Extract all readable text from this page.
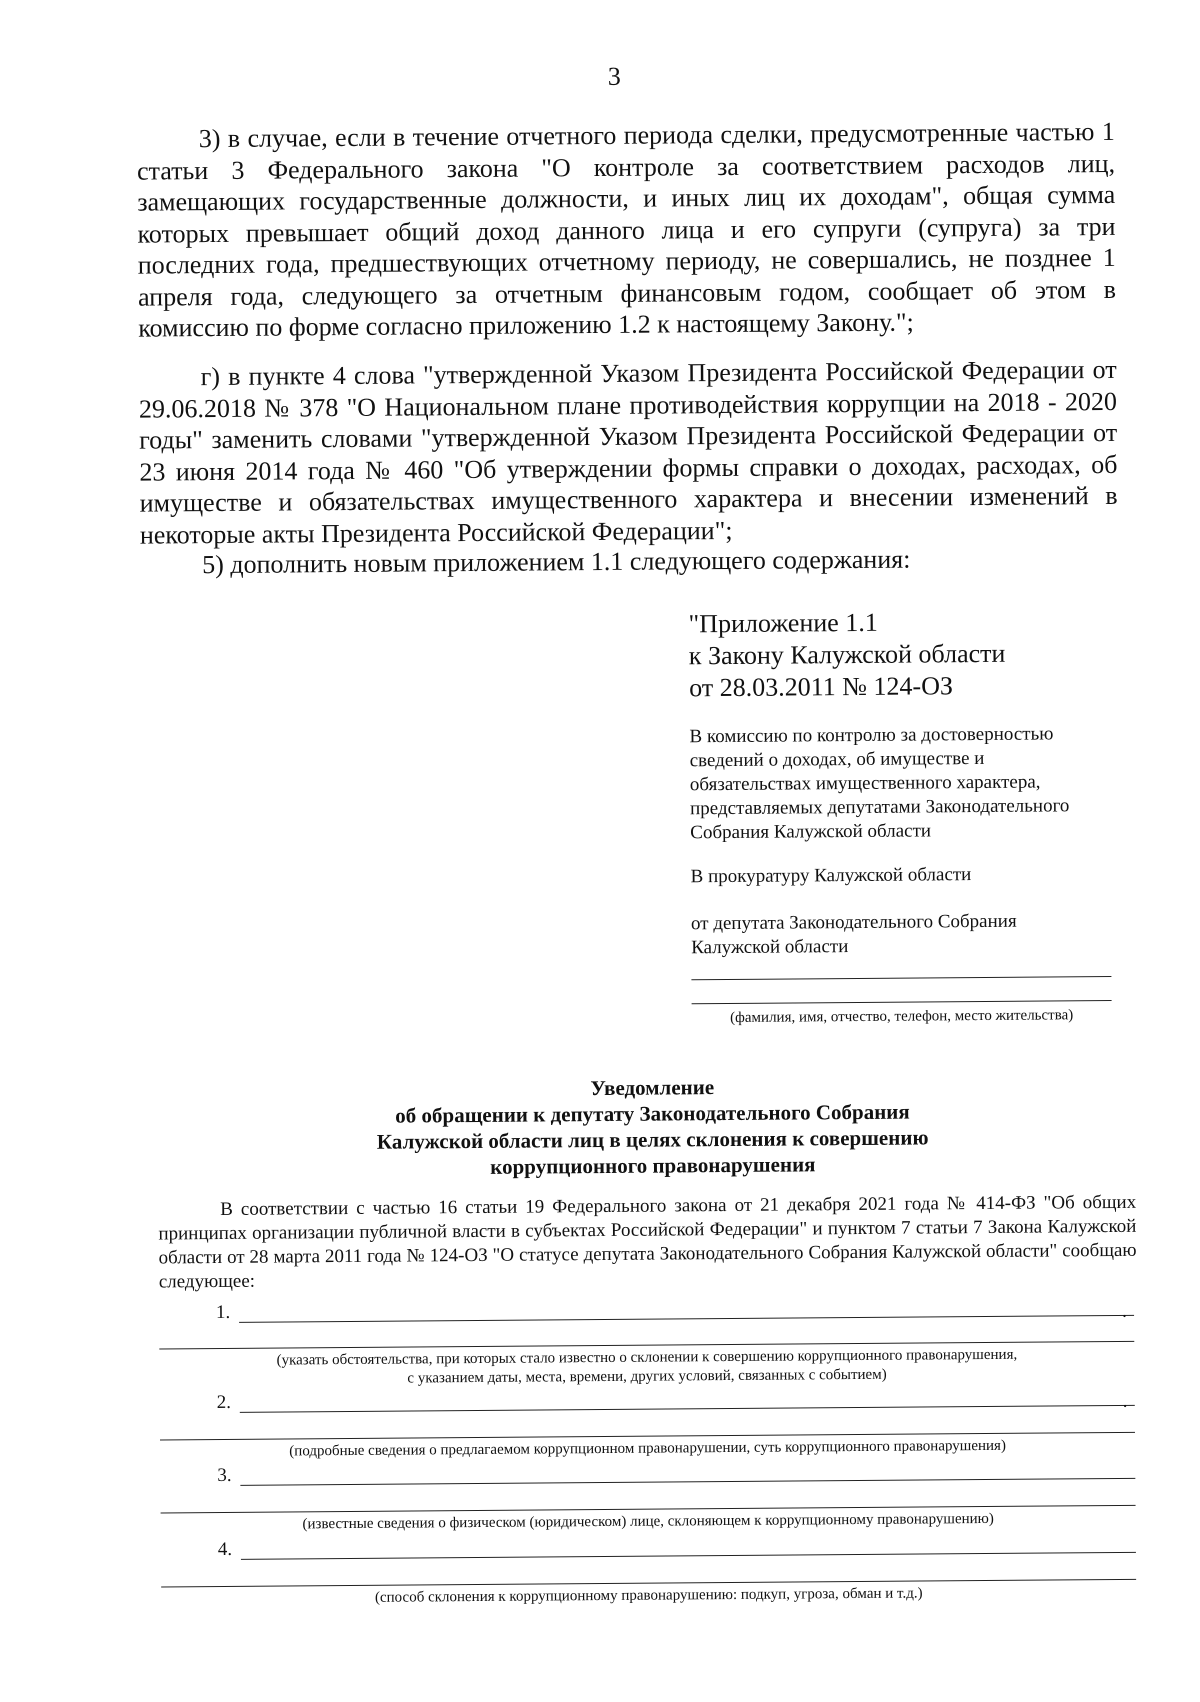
3

3) в случае, если в течение отчетного периода сделки, предусмотренные частью 1 статьи 3 Федерального закона "О контроле за соответствием расходов лиц, замещающих государственные должности, и иных лиц их доходам", общая сумма которых превышает общий доход данного лица и его супруги (супруга) за три последних года, предшествующих отчетному периоду, не совершались, не позднее 1 апреля года, следующего за отчетным финансовым годом, сообщает об этом в комиссию по форме согласно приложению 1.2 к настоящему Закону.";

г) в пункте 4 слова "утвержденной Указом Президента Российской Федерации от 29.06.2018 № 378 "О Национальном плане противодействия коррупции на 2018 - 2020 годы" заменить словами "утвержденной Указом Президента Российской Федерации от 23 июня 2014 года № 460 "Об утверждении формы справки о доходах, расходах, об имуществе и обязательствах имущественного характера и внесении изменений в некоторые акты Президента Российской Федерации";

5) дополнить новым приложением 1.1 следующего содержания:

"Приложение 1.1
к Закону Калужской области
от 28.03.2011 № 124-ОЗ
В комиссию по контролю за достоверностью
сведений о доходах, об имуществе и
обязательствах имущественного характера,
представляемых депутатами Законодательного
Собрания Калужской области
В прокуратуру Калужской области
от депутата Законодательного Собрания
Калужской области
(фамилия, имя, отчество, телефон, место жительства)
Уведомление
об обращении к депутату Законодательного Собрания
Калужской области лиц в целях склонения к совершению
коррупционного правонарушения

В соответствии с частью 16 статьи 19 Федерального закона от 21 декабря 2021 года № 414-ФЗ "Об общих принципах организации публичной власти в субъектах Российской Федерации" и пунктом 7 статьи 7 Закона Калужской области от 28 марта 2011 года № 124-ОЗ "О статусе депутата Законодательного Собрания Калужской области" сообщаю следующее:

1.	.
(указать обстоятельства, при которых стало известно о склонении к совершению коррупционного правонарушения,
с указанием даты, места, времени, других условий, связанных с событием)
2.	.
(подробные сведения о предлагаемом коррупционном правонарушении, суть коррупционного правонарушения)
3.
(известные сведения о физическом (юридическом) лице, склоняющем к коррупционному правонарушению)
4.
(способ склонения к коррупционному правонарушению: подкуп, угроза, обман и т.д.)
